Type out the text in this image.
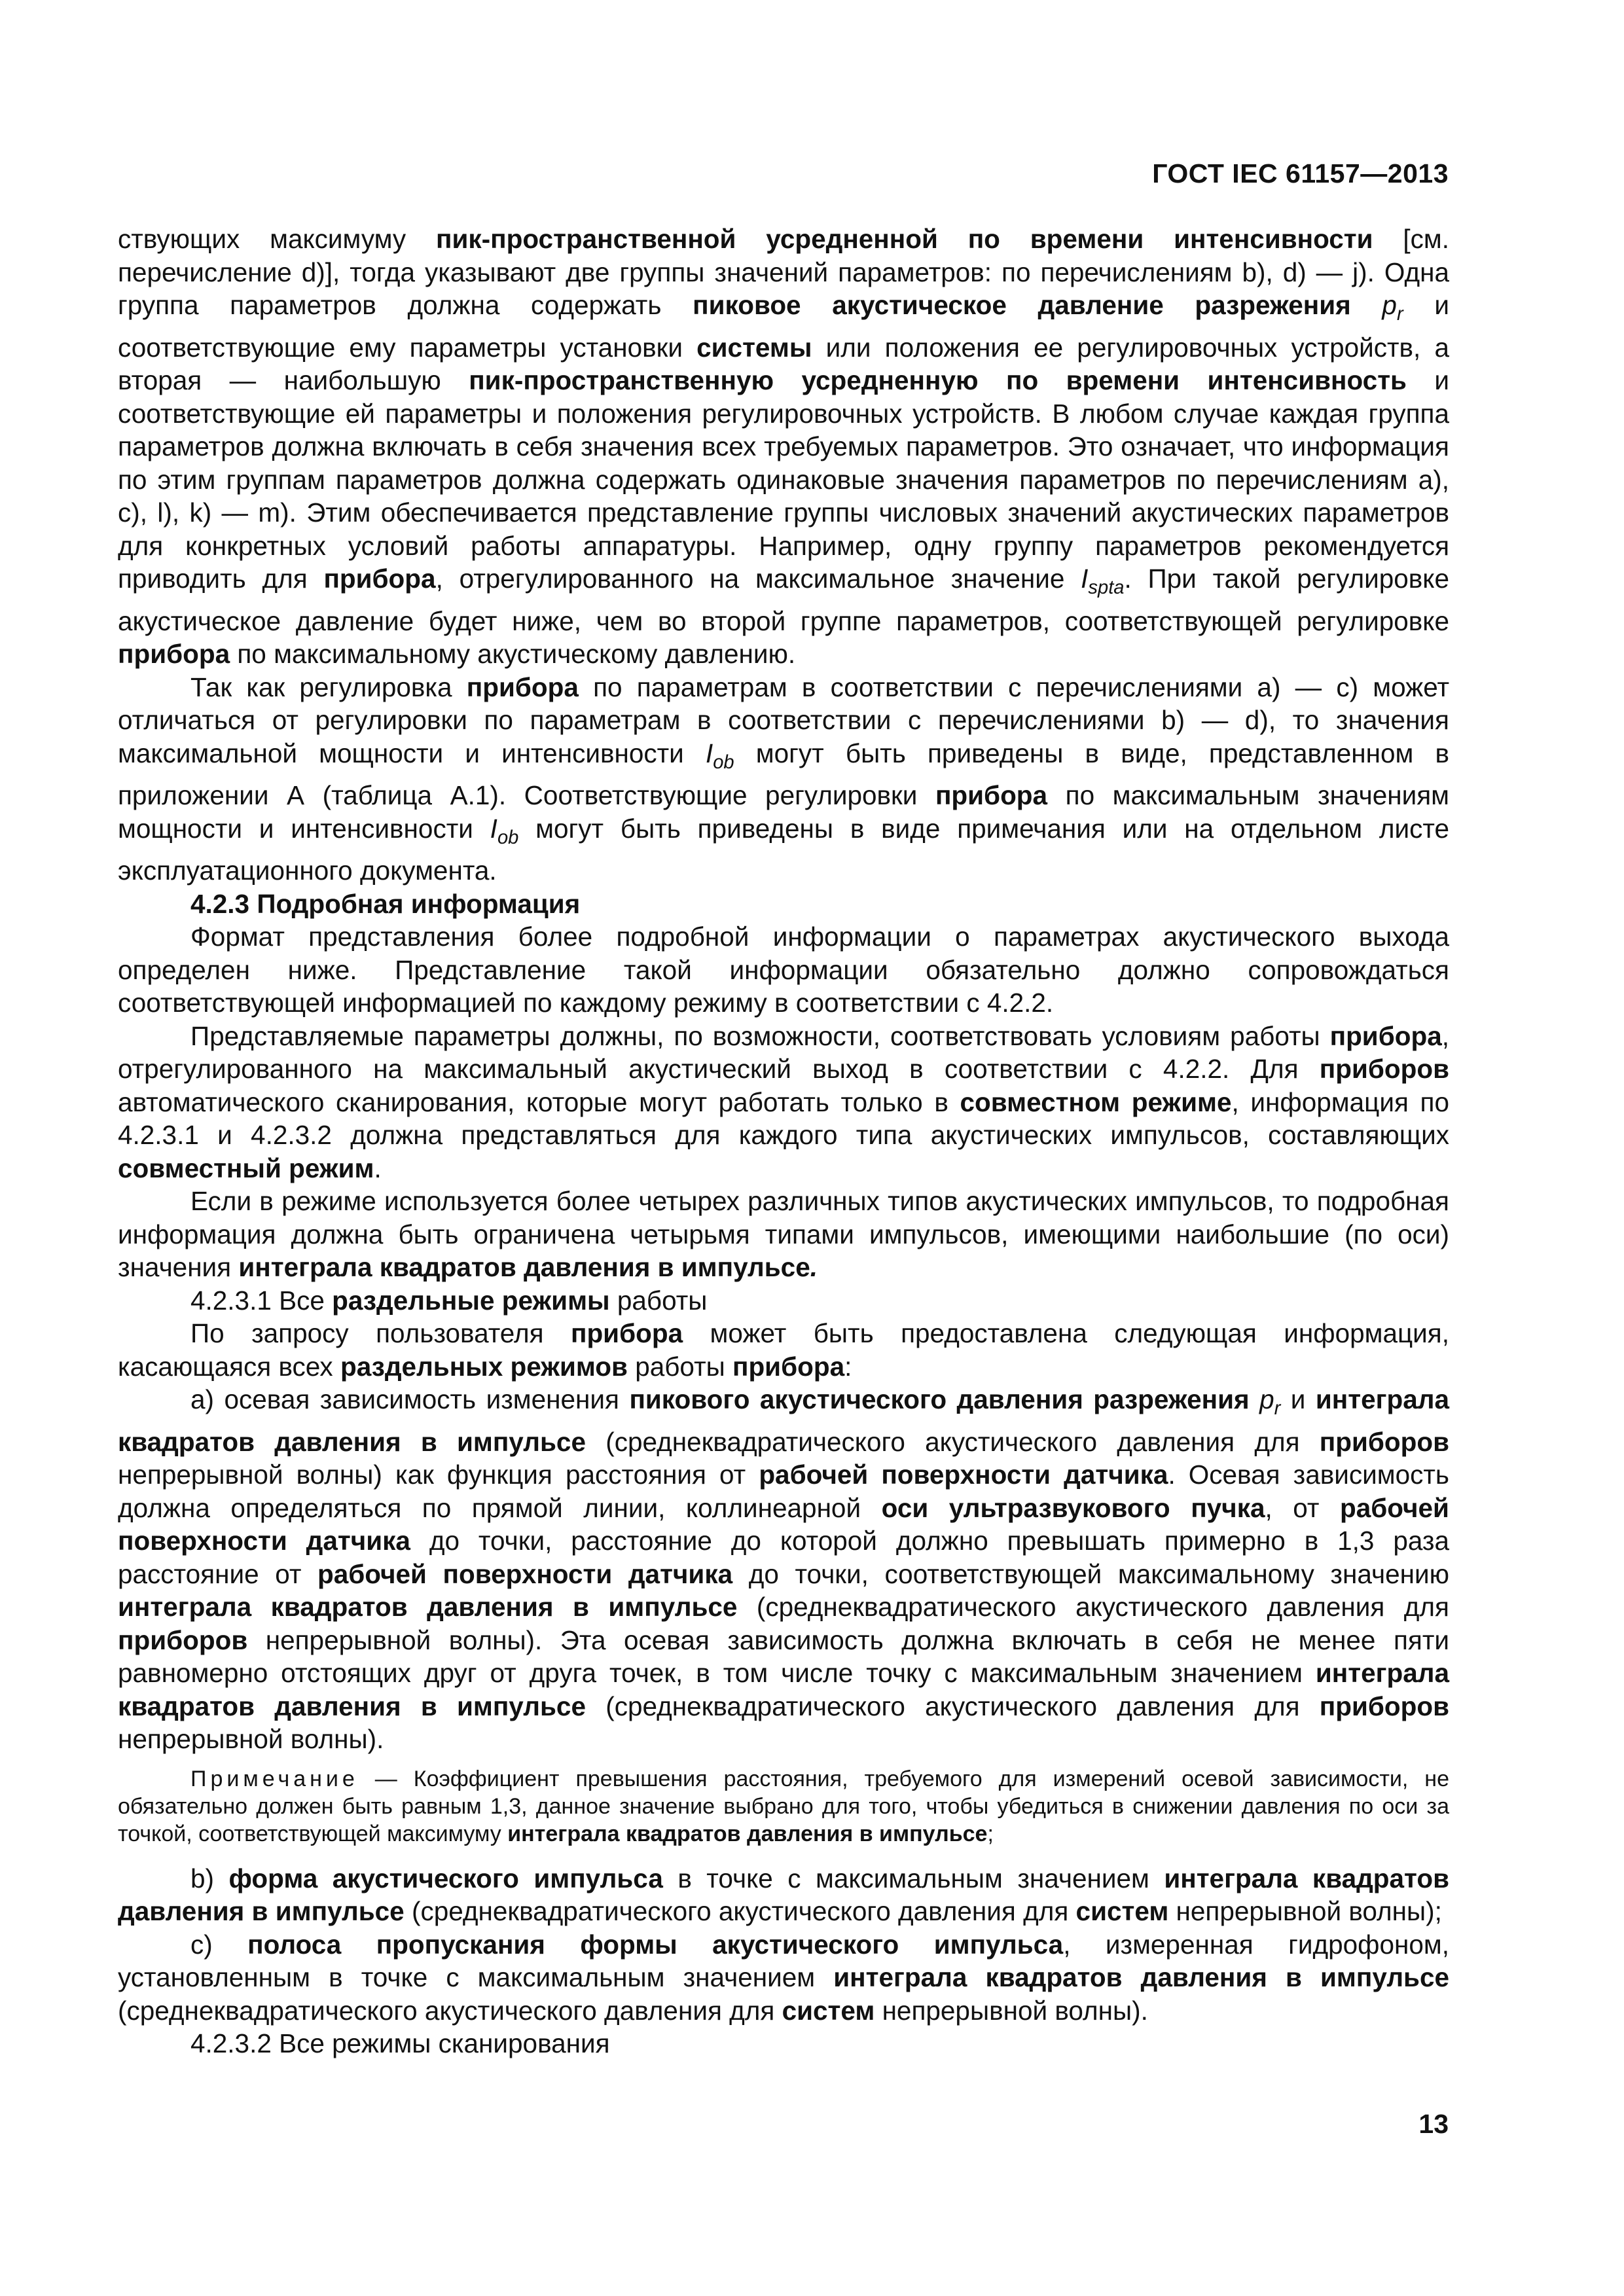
ГОСТ IEC 61157—2013

ствующих максимуму пик-пространственной усредненной по времени интенсивности [см. перечисление d)], тогда указывают две группы значений параметров: по перечислениям b), d) — j). Одна группа параметров должна содержать пиковое акустическое давление разрежения $p_r$ и соответствующие ему параметры установки системы или положения ее регулировочных устройств, а вторая — наибольшую пик-пространственную усредненную по времени интенсивность и соответствующие ей параметры и положения регулировочных устройств. В любом случае каждая группа параметров должна включать в себя значения всех требуемых параметров. Это означает, что информация по этим группам параметров должна содержать одинаковые значения параметров по перечислениям а), с), l), k) — m). Этим обеспечивается представление группы числовых значений акустических параметров для конкретных условий работы аппаратуры. Например, одну группу параметров рекомендуется приводить для прибора, отрегулированного на максимальное значение $I_{spta}$. При такой регулировке акустическое давление будет ниже, чем во второй группе параметров, соответствующей регулировке прибора по максимальному акустическому давлению.

Так как регулировка прибора по параметрам в соответствии с перечислениями а) — с) может отличаться от регулировки по параметрам в соответствии с перечислениями b) — d), то значения максимальной мощности и интенсивности $I_{ob}$ могут быть приведены в виде, представленном в приложении А (таблица А.1). Соответствующие регулировки прибора по максимальным значениям мощности и интенсивности $I_{ob}$ могут быть приведены в виде примечания или на отдельном листе эксплуатационного документа.

4.2.3 Подробная информация

Формат представления более подробной информации о параметрах акустического выхода определен ниже. Представление такой информации обязательно должно сопровождаться соответствующей информацией по каждому режиму в соответствии с 4.2.2.

Представляемые параметры должны, по возможности, соответствовать условиям работы прибора, отрегулированного на максимальный акустический выход в соответствии с 4.2.2. Для приборов автоматического сканирования, которые могут работать только в совместном режиме, информация по 4.2.3.1 и 4.2.3.2 должна представляться для каждого типа акустических импульсов, составляющих совместный режим.

Если в режиме используется более четырех различных типов акустических импульсов, то подробная информация должна быть ограничена четырьмя типами импульсов, имеющими наибольшие (по оси) значения интеграла квадратов давления в импульсе.

4.2.3.1 Все раздельные режимы работы

По запросу пользователя прибора может быть предоставлена следующая информация, касающаяся всех раздельных режимов работы прибора:

а) осевая зависимость изменения пикового акустического давления разрежения $p_r$ и интеграла квадратов давления в импульсе (среднеквадратического акустического давления для приборов непрерывной волны) как функция расстояния от рабочей поверхности датчика. Осевая зависимость должна определяться по прямой линии, коллинеарной оси ультразвукового пучка, от рабочей поверхности датчика до точки, расстояние до которой должно превышать примерно в 1,3 раза расстояние от рабочей поверхности датчика до точки, соответствующей максимальному значению интеграла квадратов давления в импульсе (среднеквадратического акустического давления для приборов непрерывной волны). Эта осевая зависимость должна включать в себя не менее пяти равномерно отстоящих друг от друга точек, в том числе точку с максимальным значением интеграла квадратов давления в импульсе (среднеквадратического акустического давления для приборов непрерывной волны).

Примечание — Коэффициент превышения расстояния, требуемого для измерений осевой зависимости, не обязательно должен быть равным 1,3, данное значение выбрано для того, чтобы убедиться в снижении давления по оси за точкой, соответствующей максимуму интеграла квадратов давления в импульсе;

b) форма акустического импульса в точке с максимальным значением интеграла квадратов давления в импульсе (среднеквадратического акустического давления для систем непрерывной волны);

с) полоса пропускания формы акустического импульса, измеренная гидрофоном, установленным в точке с максимальным значением интеграла квадратов давления в импульсе (среднеквадратического акустического давления для систем непрерывной волны).

4.2.3.2 Все режимы сканирования

13
